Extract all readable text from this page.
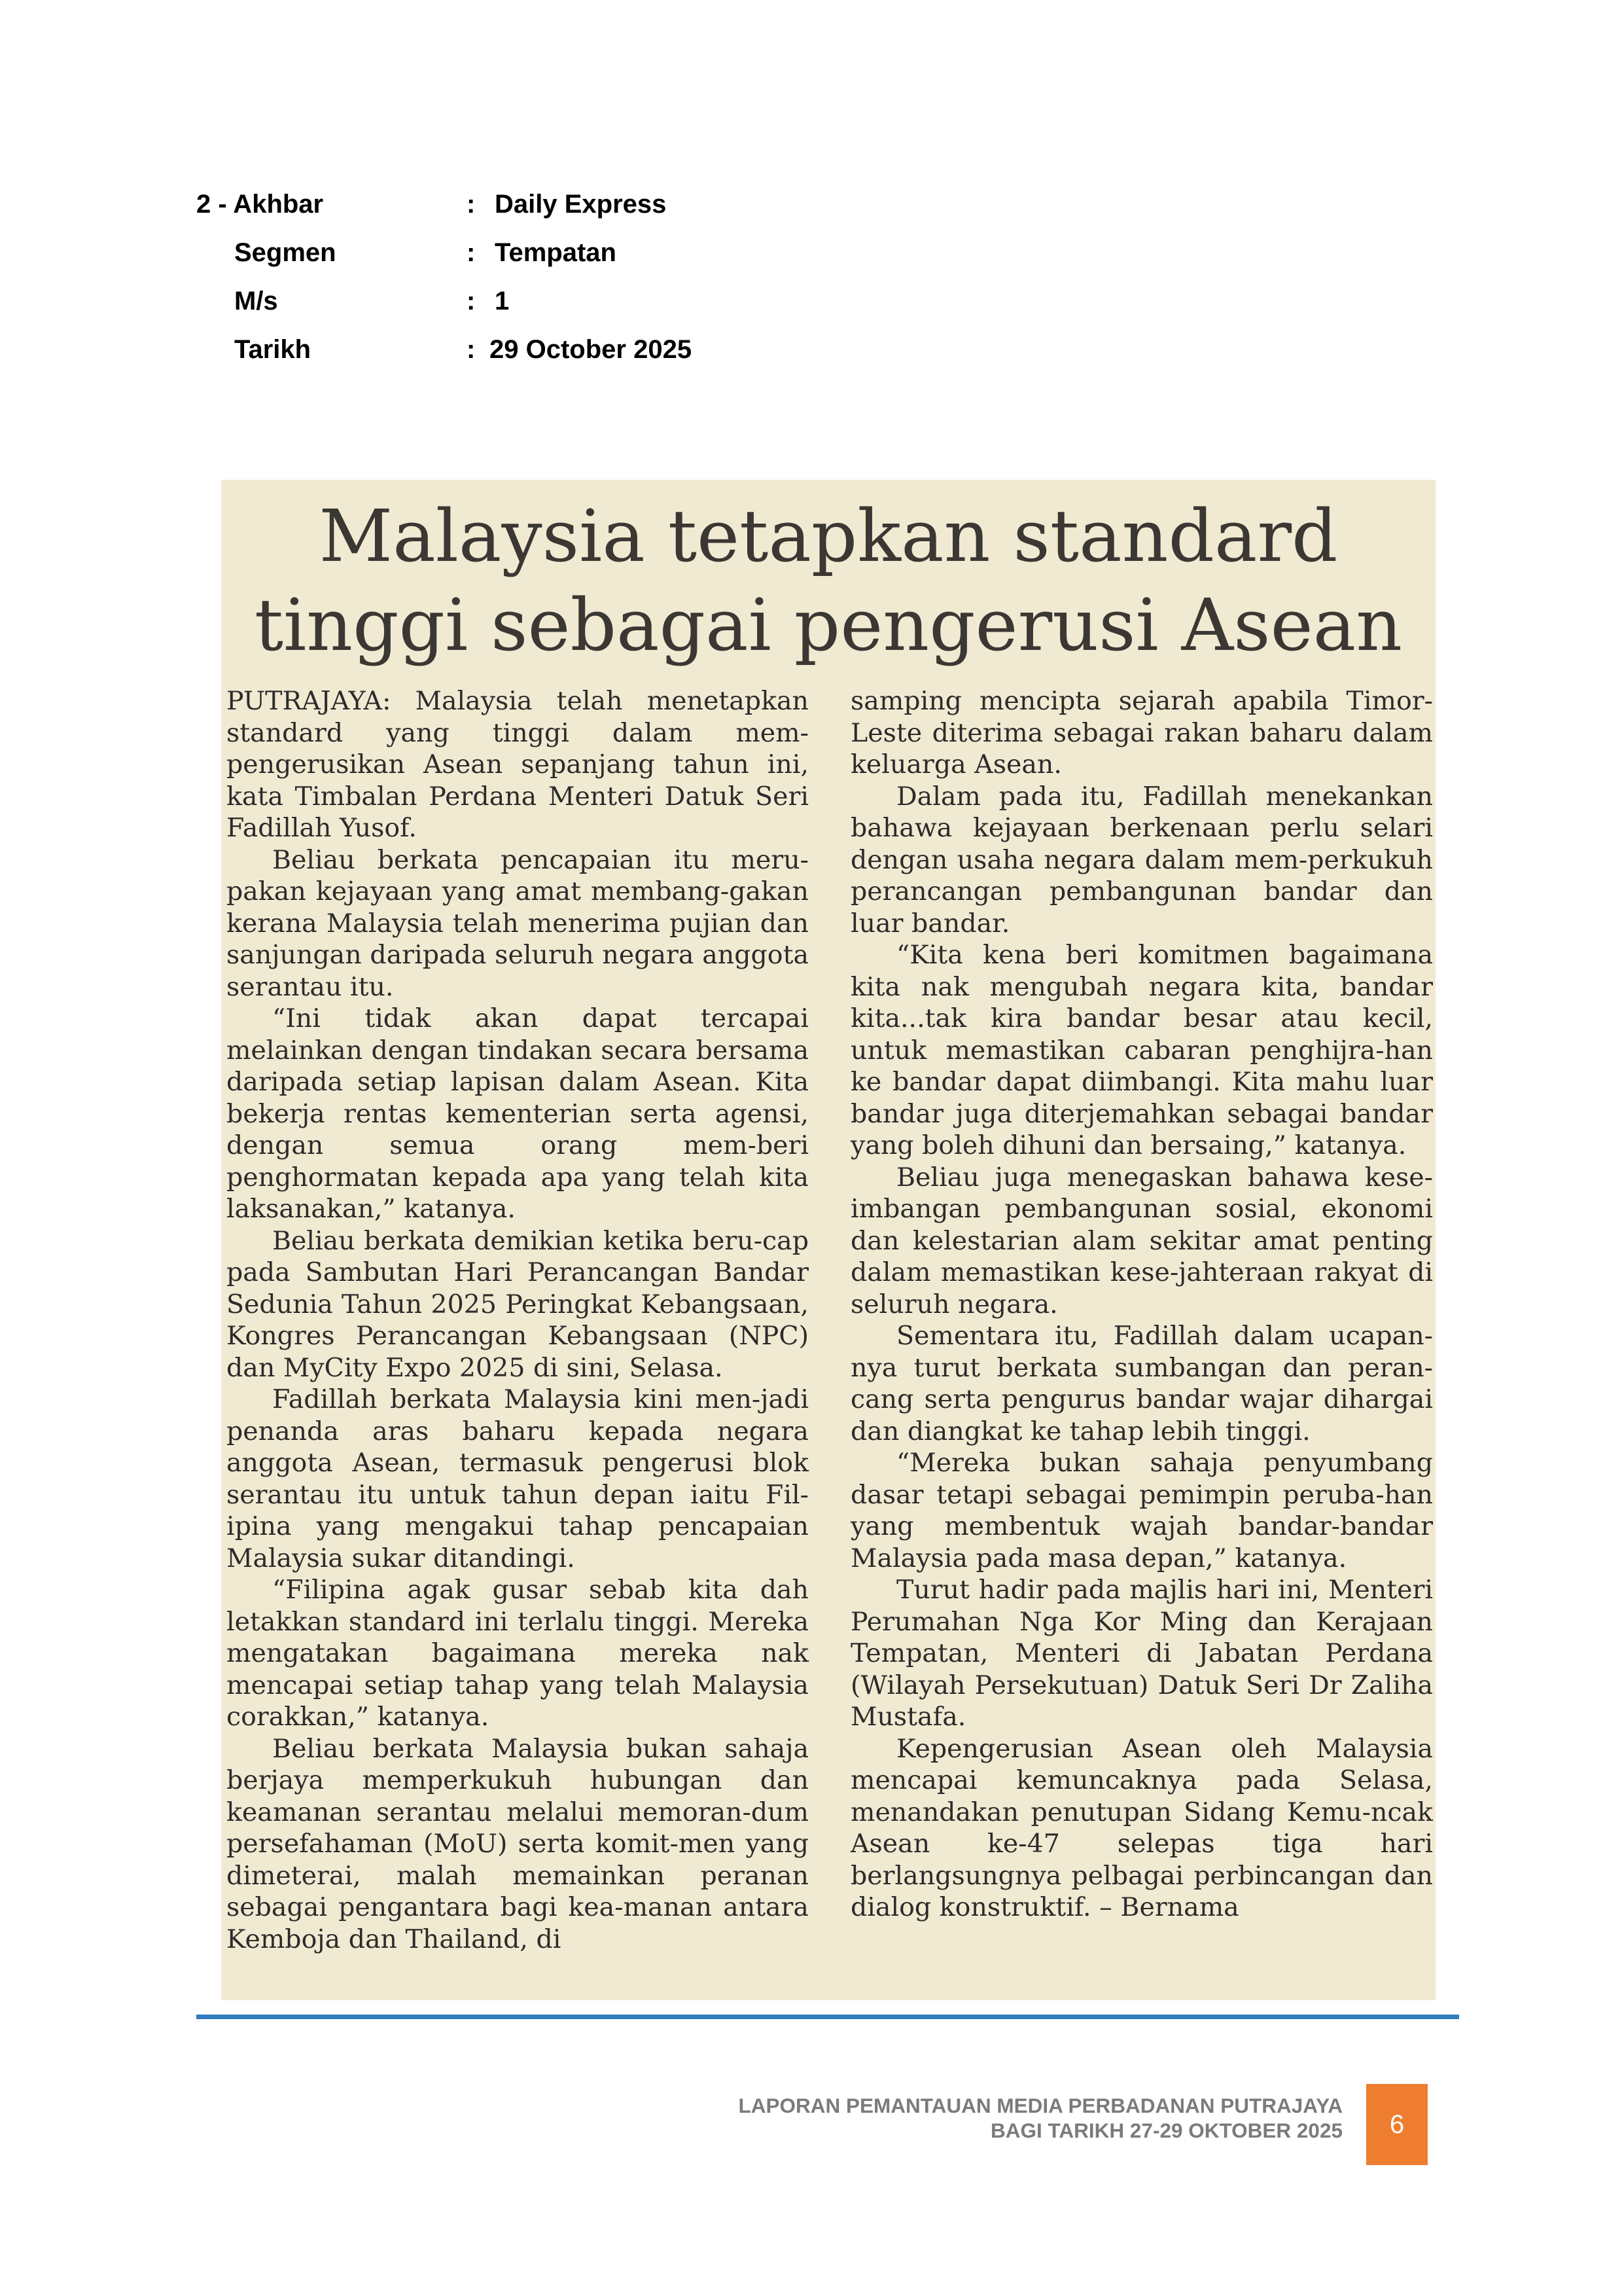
2 - Akhbar	: Daily Express
Segmen	: Tempatan
M/s	: 1
Tarikh	: 29 October 2025
Malaysia tetapkan standard
tinggi sebagai pengerusi Asean

PUTRAJAYA: Malaysia telah menetapkan standard yang tinggi dalam mem-pengerusikan Asean sepanjang tahun ini, kata Timbalan Perdana Menteri Datuk Seri Fadillah Yusof.

Beliau berkata pencapaian itu meru-pakan kejayaan yang amat membang-gakan kerana Malaysia telah menerima pujian dan sanjungan daripada seluruh negara anggota serantau itu.

“Ini tidak akan dapat tercapai melainkan dengan tindakan secara bersama daripada setiap lapisan dalam Asean. Kita bekerja rentas kementerian serta agensi, dengan semua orang mem-beri penghormatan kepada apa yang telah kita laksanakan,” katanya.

Beliau berkata demikian ketika beru-cap pada Sambutan Hari Perancangan Bandar Sedunia Tahun 2025 Peringkat Kebangsaan, Kongres Perancangan Kebangsaan (NPC) dan MyCity Expo 2025 di sini, Selasa.

Fadillah berkata Malaysia kini men-jadi penanda aras baharu kepada negara anggota Asean, termasuk pengerusi blok serantau itu untuk tahun depan iaitu Fil-ipina yang mengakui tahap pencapaian Malaysia sukar ditandingi.

“Filipina agak gusar sebab kita dah letakkan standard ini terlalu tinggi. Mereka mengatakan bagaimana mereka nak mencapai setiap tahap yang telah Malaysia corakkan,” katanya.

Beliau berkata Malaysia bukan sahaja berjaya memperkukuh hubungan dan keamanan serantau melalui memoran-dum persefahaman (MoU) serta komit-men yang dimeterai, malah memainkan peranan sebagai pengantara bagi kea-manan antara Kemboja dan Thailand, di

samping mencipta sejarah apabila Timor-Leste diterima sebagai rakan baharu dalam keluarga Asean.

Dalam pada itu, Fadillah menekankan bahawa kejayaan berkenaan perlu selari dengan usaha negara dalam mem-perkukuh perancangan pembangunan bandar dan luar bandar.

“Kita kena beri komitmen bagaimana kita nak mengubah negara kita, bandar kita...tak kira bandar besar atau kecil, untuk memastikan cabaran penghijra-han ke bandar dapat diimbangi. Kita mahu luar bandar juga diterjemahkan sebagai bandar yang boleh dihuni dan bersaing,” katanya.

Beliau juga menegaskan bahawa kese-imbangan pembangunan sosial, ekonomi dan kelestarian alam sekitar amat penting dalam memastikan kese-jahteraan rakyat di seluruh negara.

Sementara itu, Fadillah dalam ucapan-nya turut berkata sumbangan dan peran-cang serta pengurus bandar wajar dihargai dan diangkat ke tahap lebih tinggi.

“Mereka bukan sahaja penyumbang dasar tetapi sebagai pemimpin peruba-han yang membentuk wajah bandar-bandar Malaysia pada masa depan,” katanya.

Turut hadir pada majlis hari ini, Menteri Perumahan Nga Kor Ming dan Kerajaan Tempatan, Menteri di Jabatan Perdana (Wilayah Persekutuan) Datuk Seri Dr Zaliha Mustafa.

Kepengerusian Asean oleh Malaysia mencapai kemuncaknya pada Selasa, menandakan penutupan Sidang Kemu-ncak Asean ke-47 selepas tiga hari berlangsungnya pelbagai perbincangan dan dialog konstruktif. – Bernama

LAPORAN PEMANTAUAN MEDIA PERBADANAN PUTRAJAYA
BAGI TARIKH 27-29 OKTOBER 2025 6
